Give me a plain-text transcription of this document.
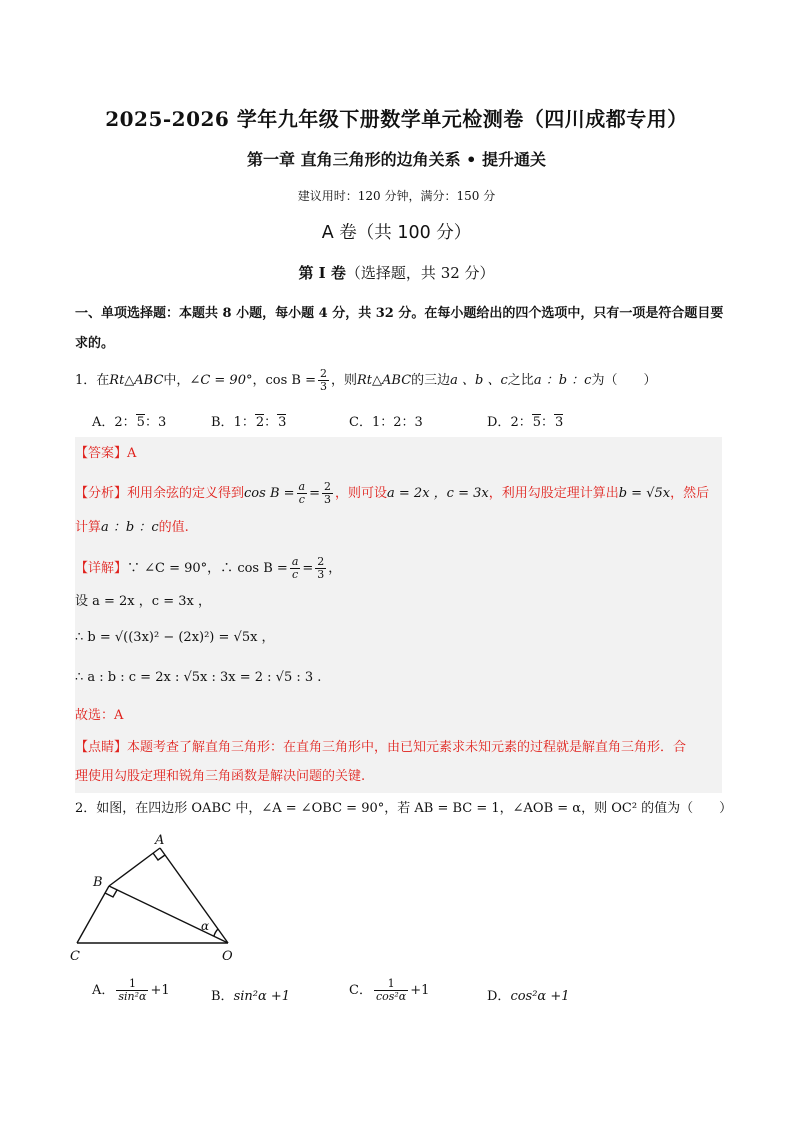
2025-2026 学年九年级下册数学单元检测卷（四川成都专用）
第一章 直角三角形的边角关系 • 提升通关
建议用时：120 分钟，满分：150 分
A 卷（共 100 分）
第 I 卷（选择题，共 32 分）
一、单项选择题：本题共 8 小题，每小题 4 分，共 32 分。在每小题给出的四个选项中，只有一项是符合题目要求的。
1．在Rt△ABC中，∠C = 90°，$\cos B = \frac{2}{3}$ ，则Rt△ABC的三边a 、b 、c之比a ：b ：c为（　　）
A．2：5：3	B．1：2：3	C．1：2：3	D．2：5：3
【答案】A
【分析】利用余弦的定义得到$\cos B = \frac{a}{c} = \frac{2}{3}$ ，则可设a = 2x ，c = 3x，利用勾股定理计算出b = √5x，然后
计算a ：b ：c的值.
【详解】∵ ∠C = 90°，∴ $\cos B = \frac{a}{c} = \frac{2}{3}$ ，
设 a = 2x ，c = 3x ，
∴ b = √((3x)² − (2x)²) = √5x ，
∴ a : b : c = 2x : √5x : 3x = 2 : √5 : 3 .
故选：A
【点睛】本题考查了解直角三角形：在直角三角形中，由已知元素求未知元素的过程就是解直角三角形．合
理使用勾股定理和锐角三角函数是解决问题的关键.
2．如图，在四边形 OABC 中，∠A = ∠OBC = 90°，若 AB = BC = 1，∠AOB = α，则 OC² 的值为（　　）
A
B
C	O
α
A． $\frac{1}{\text{sin²α}} +1$	B．sin²α +1	C． $\frac{1}{\text{cos²α}} +1$	D．cos²α +1
